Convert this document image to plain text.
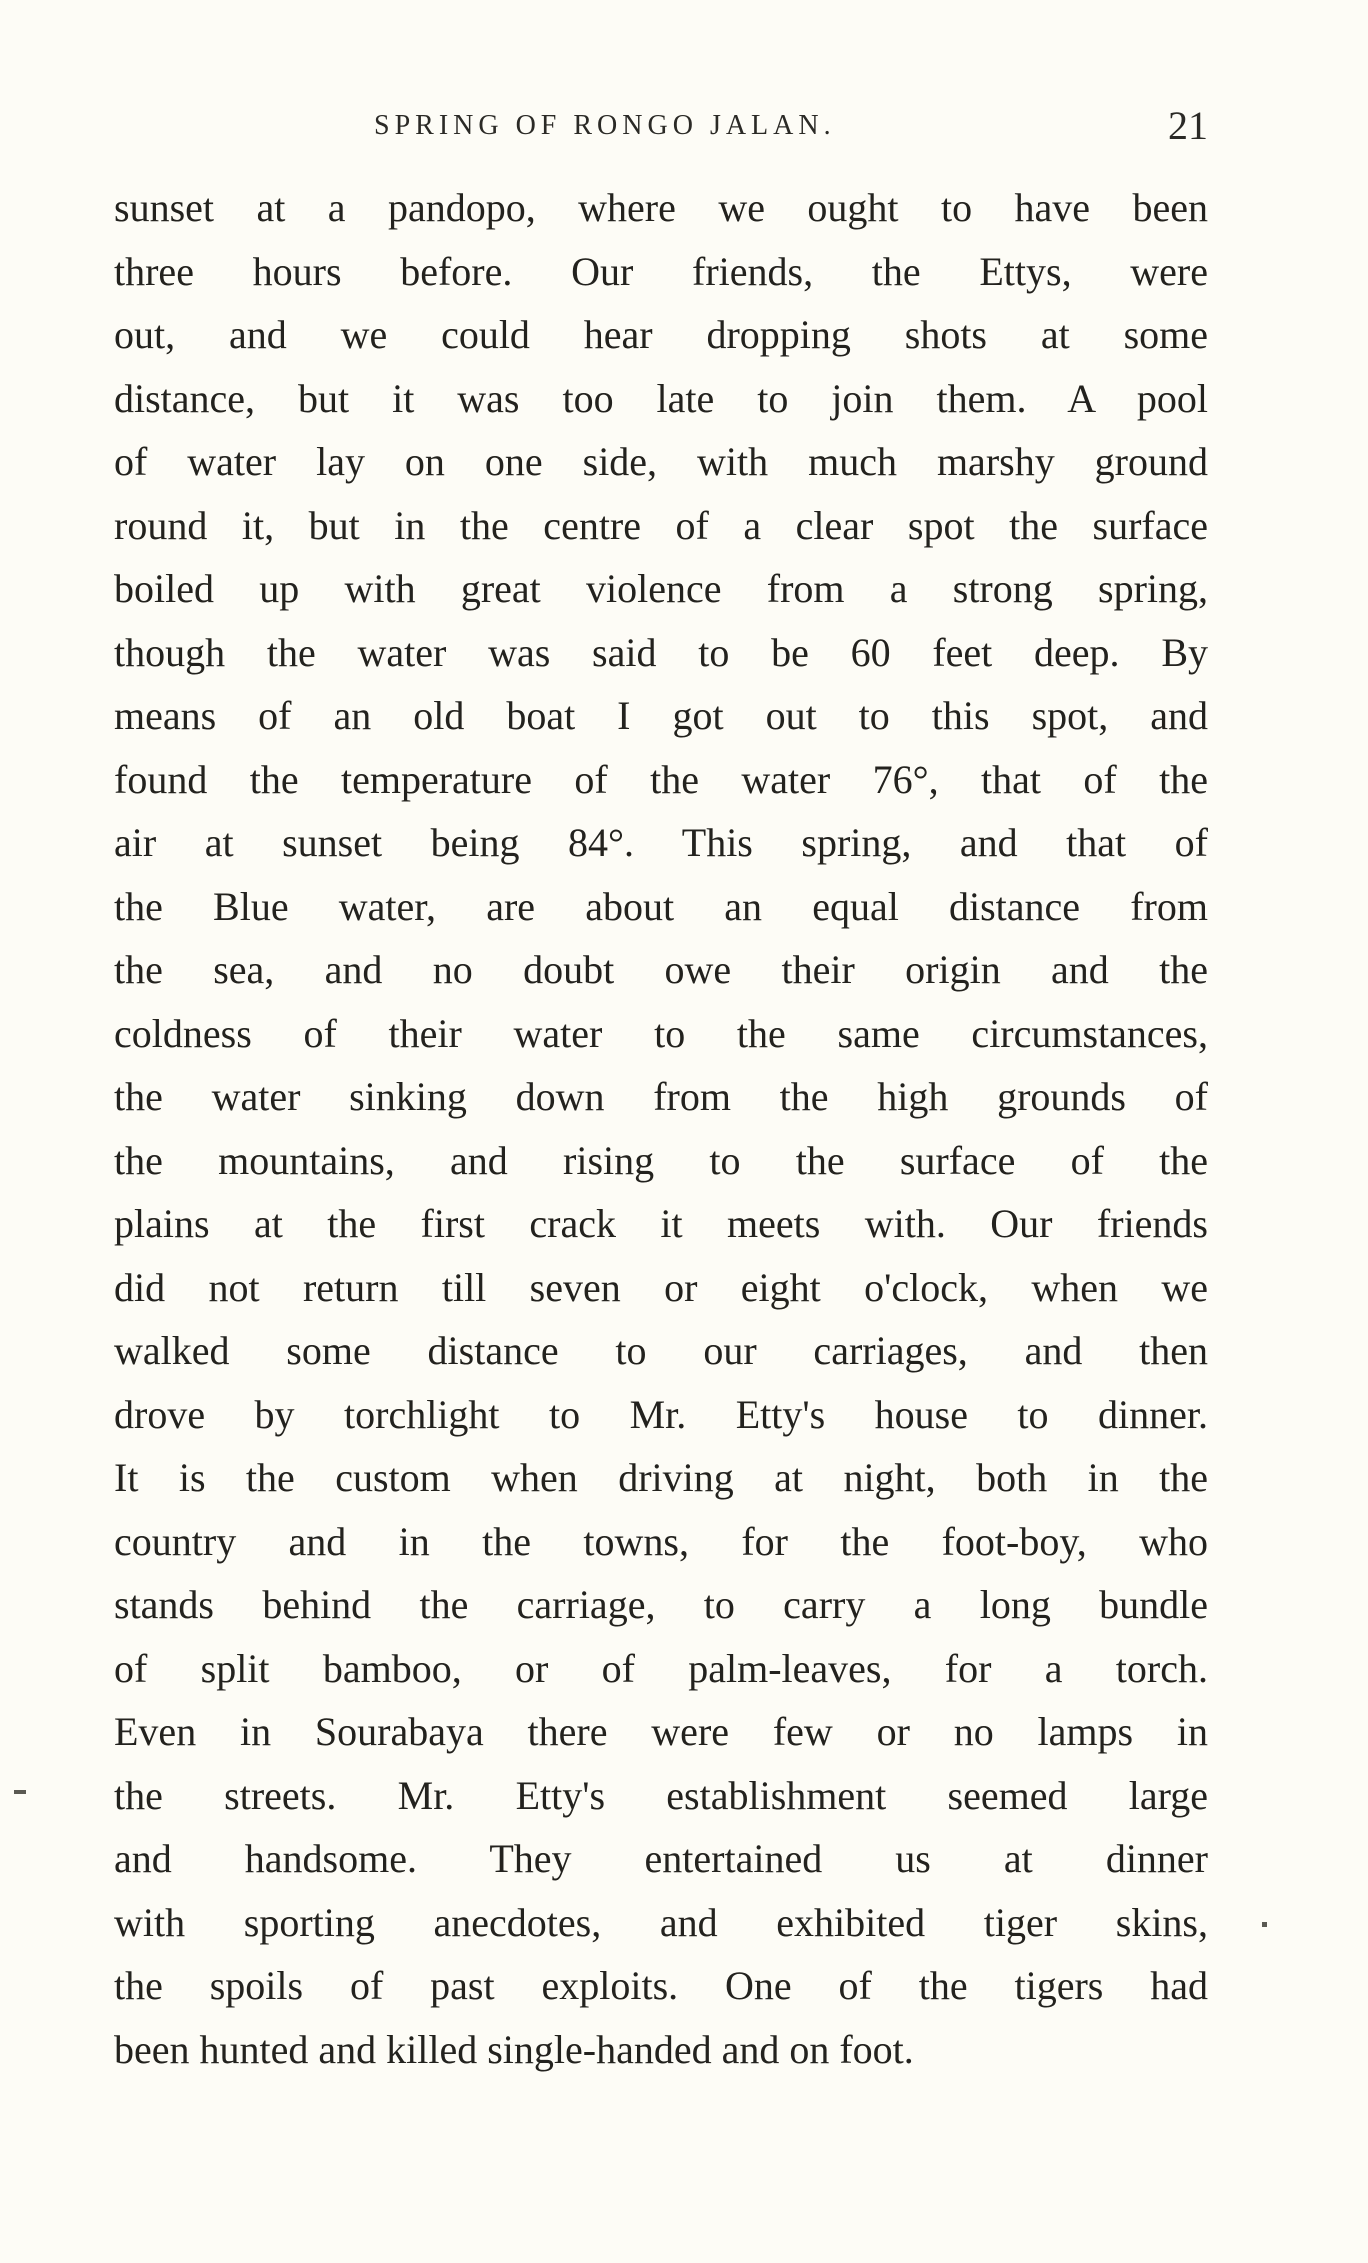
SPRING OF RONGO JALAN.	21
sunset at a pandopo, where we ought to have been
three hours before. Our friends, the Ettys, were
out, and we could hear dropping shots at some
distance, but it was too late to join them. A pool
of water lay on one side, with much marshy ground
round it, but in the centre of a clear spot the surface
boiled up with great violence from a strong spring,
though the water was said to be 60 feet deep. By
means of an old boat I got out to this spot, and
found the temperature of the water 76°, that of the
air at sunset being 84°. This spring, and that of
the Blue water, are about an equal distance from
the sea, and no doubt owe their origin and the
coldness of their water to the same circumstances,
the water sinking down from the high grounds of
the mountains, and rising to the surface of the
plains at the first crack it meets with. Our friends
did not return till seven or eight o'clock, when we
walked some distance to our carriages, and then
drove by torchlight to Mr. Etty's house to dinner.
It is the custom when driving at night, both in the
country and in the towns, for the foot-boy, who
stands behind the carriage, to carry a long bundle
of split bamboo, or of palm-leaves, for a torch.
Even in Sourabaya there were few or no lamps in
the streets. Mr. Etty's establishment seemed large
and handsome. They entertained us at dinner
with sporting anecdotes, and exhibited tiger skins,
the spoils of past exploits. One of the tigers had
been hunted and killed single-handed and on foot.
